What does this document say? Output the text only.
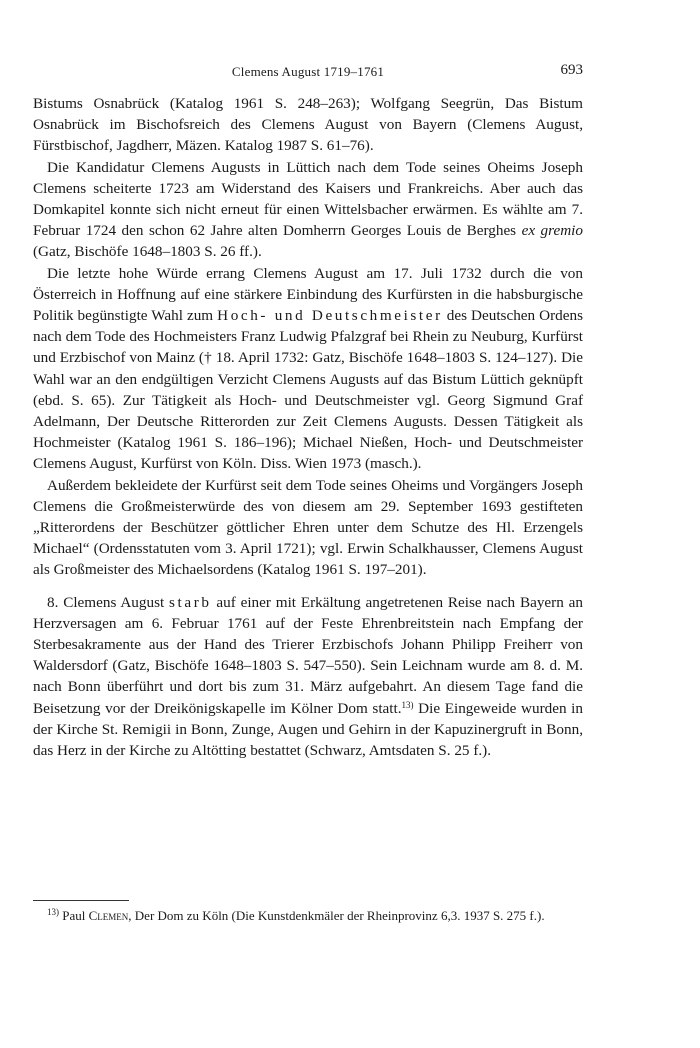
Clemens August 1719–1761	693

Bistums Osnabrück (Katalog 1961 S. 248–263); Wolfgang Seegrün, Das Bistum Osnabrück im Bischofsreich des Clemens August von Bayern (Clemens August, Fürstbischof, Jagdherr, Mäzen. Katalog 1987 S. 61–76).

Die Kandidatur Clemens Augusts in Lüttich nach dem Tode seines Oheims Joseph Clemens scheiterte 1723 am Widerstand des Kaisers und Frankreichs. Aber auch das Domkapitel konnte sich nicht erneut für einen Wittelsbacher erwärmen. Es wählte am 7. Februar 1724 den schon 62 Jahre alten Domherrn Georges Louis de Berghes ex gremio (Gatz, Bischöfe 1648–1803 S. 26 ff.).

Die letzte hohe Würde errang Clemens August am 17. Juli 1732 durch die von Österreich in Hoffnung auf eine stärkere Einbindung des Kurfürsten in die habsburgische Politik begünstigte Wahl zum Hoch- und Deutschmeister des Deutschen Ordens nach dem Tode des Hochmeisters Franz Ludwig Pfalzgraf bei Rhein zu Neuburg, Kurfürst und Erzbischof von Mainz († 18. April 1732: Gatz, Bischöfe 1648–1803 S. 124–127). Die Wahl war an den endgültigen Verzicht Clemens Augusts auf das Bistum Lüttich geknüpft (ebd. S. 65). Zur Tätigkeit als Hoch- und Deutschmeister vgl. Georg Sigmund Graf Adelmann, Der Deutsche Ritterorden zur Zeit Clemens Augusts. Dessen Tätigkeit als Hochmeister (Katalog 1961 S. 186–196); Michael Nießen, Hoch- und Deutschmeister Clemens August, Kurfürst von Köln. Diss. Wien 1973 (masch.).

Außerdem bekleidete der Kurfürst seit dem Tode seines Oheims und Vorgängers Joseph Clemens die Großmeisterwürde des von diesem am 29. September 1693 gestifteten „Ritterordens der Beschützer göttlicher Ehren unter dem Schutze des Hl. Erzengels Michael“ (Ordensstatuten vom 3. April 1721); vgl. Erwin Schalkhausser, Clemens August als Großmeister des Michaelsordens (Katalog 1961 S. 197–201).

8. Clemens August starb auf einer mit Erkältung angetretenen Reise nach Bayern an Herzversagen am 6. Februar 1761 auf der Feste Ehrenbreitstein nach Empfang der Sterbesakramente aus der Hand des Trierer Erzbischofs Johann Philipp Freiherr von Waldersdorf (Gatz, Bischöfe 1648–1803 S. 547–550). Sein Leichnam wurde am 8. d. M. nach Bonn überführt und dort bis zum 31. März aufgebahrt. An diesem Tage fand die Beisetzung vor der Dreikönigskapelle im Kölner Dom statt.$^{13)}$ Die Eingeweide wurden in der Kirche St. Remigii in Bonn, Zunge, Augen und Gehirn in der Kapuzinergruft in Bonn, das Herz in der Kirche zu Altötting bestattet (Schwarz, Amtsdaten S. 25 f.).

$^{13)}$ Paul Clemen, Der Dom zu Köln (Die Kunstdenkmäler der Rheinprovinz 6,3. 1937 S. 275 f.).
